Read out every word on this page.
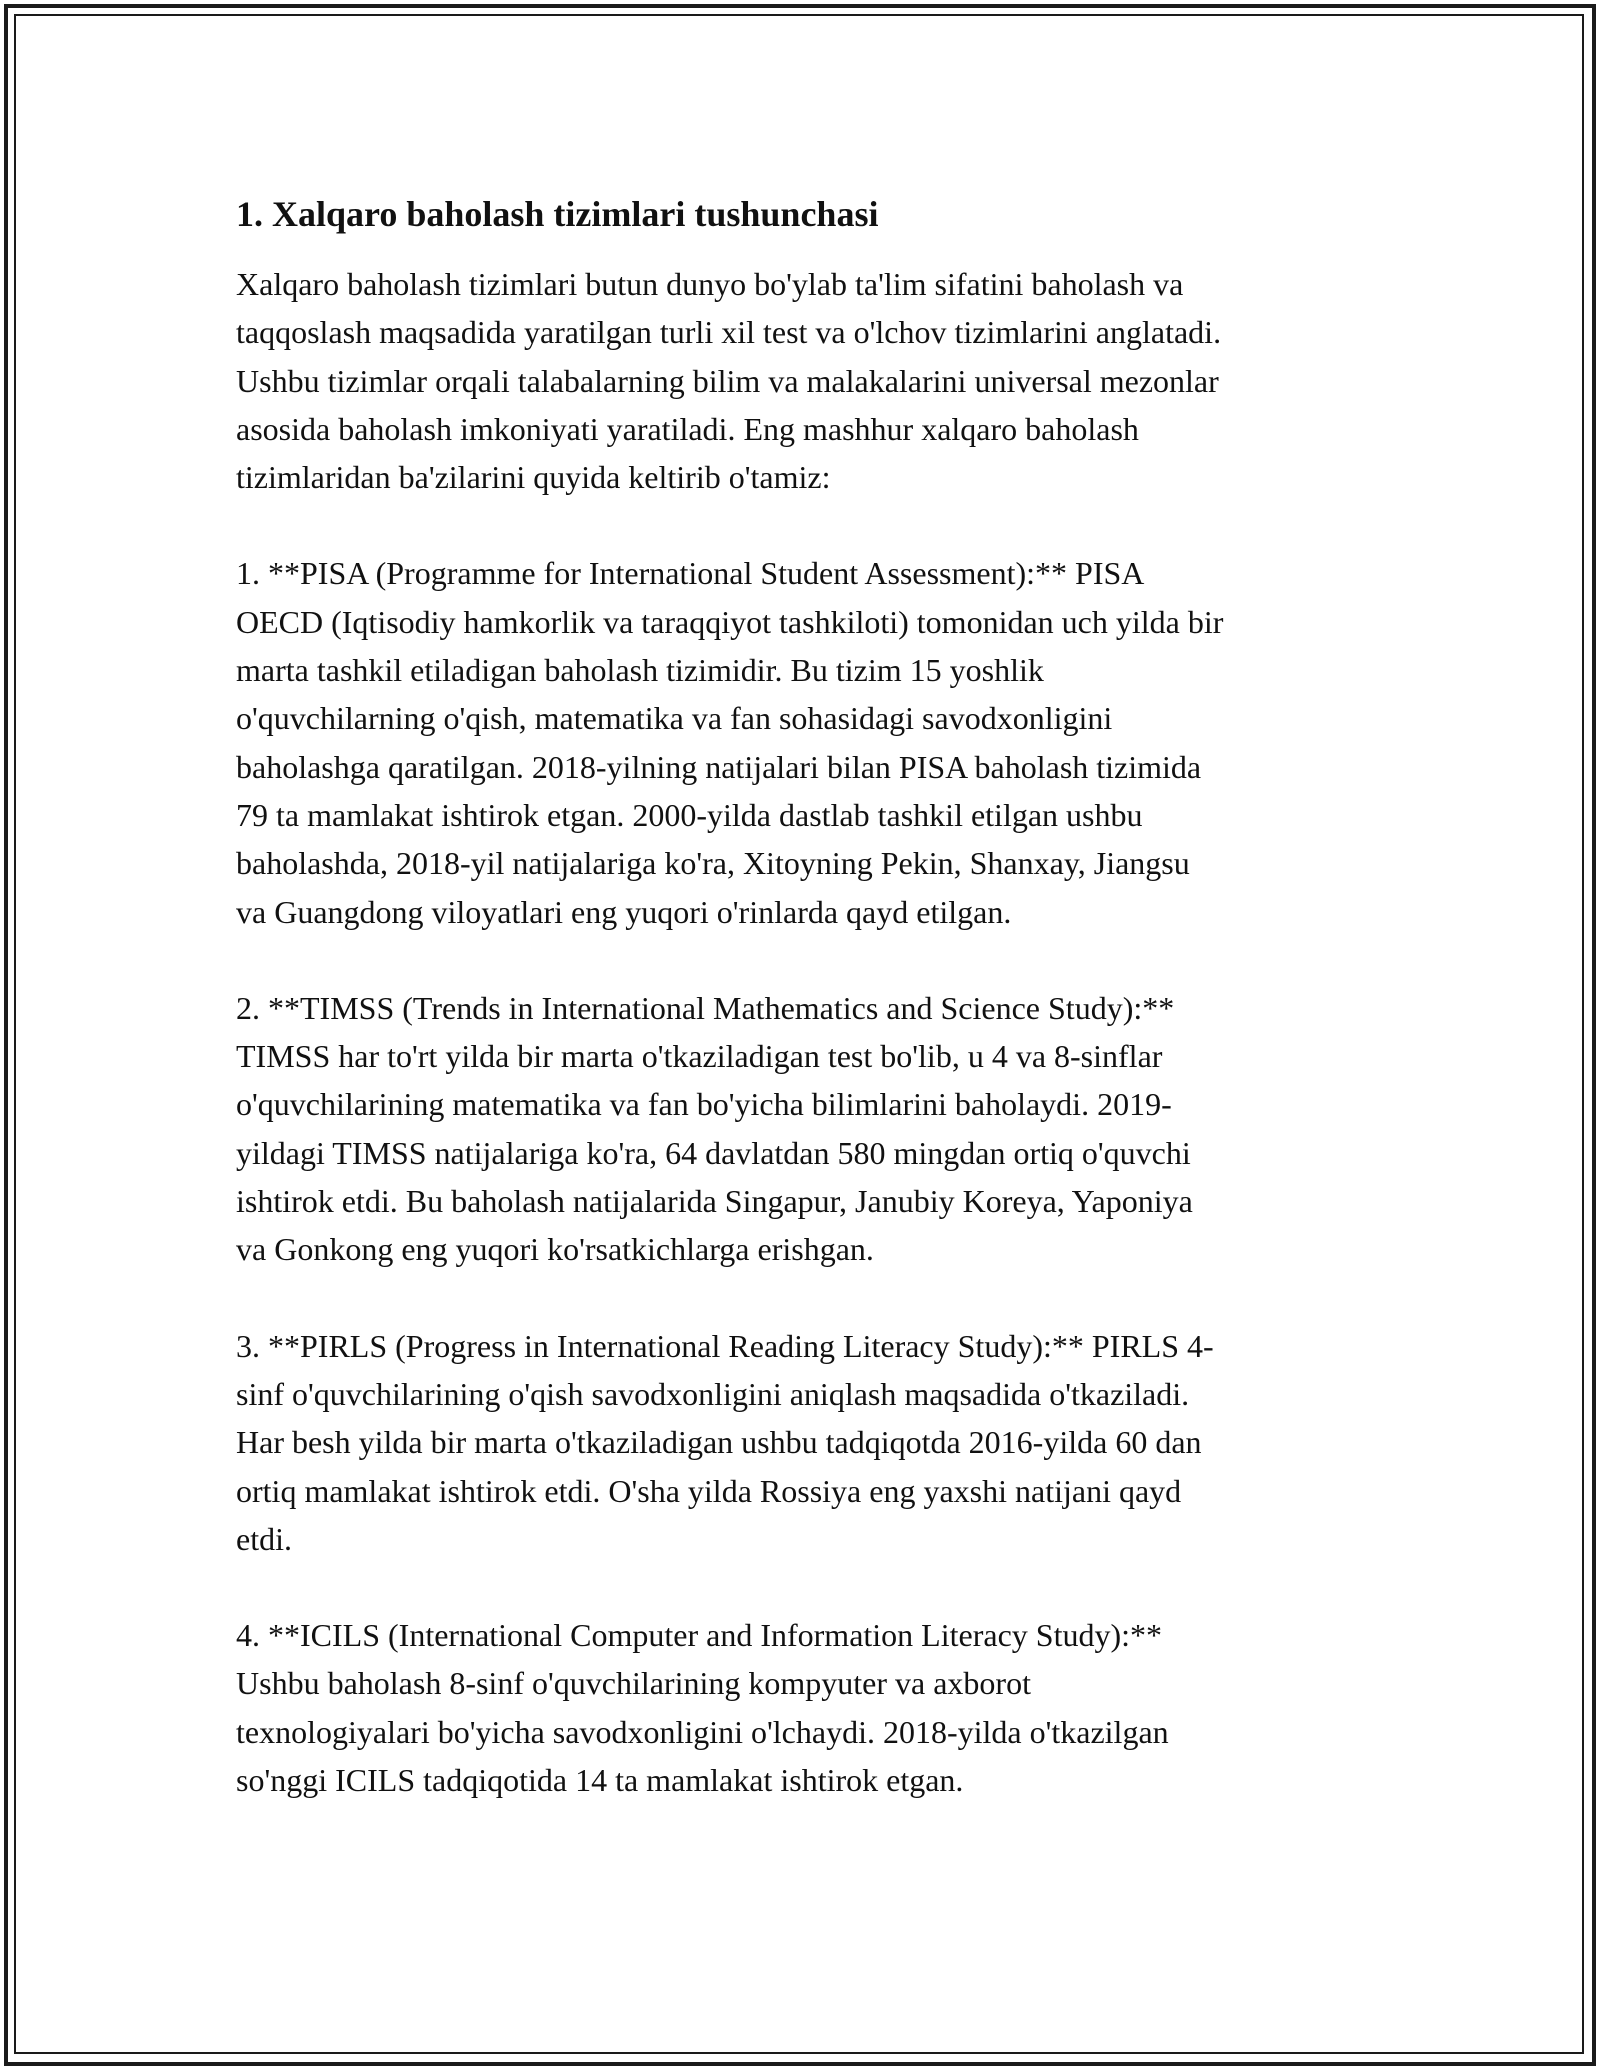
1. Xalqaro baholash tizimlari tushunchasi

Xalqaro baholash tizimlari butun dunyo bo'ylab ta'lim sifatini baholash va
taqqoslash maqsadida yaratilgan turli xil test va o'lchov tizimlarini anglatadi.
Ushbu tizimlar orqali talabalarning bilim va malakalarini universal mezonlar
asosida baholash imkoniyati yaratiladi. Eng mashhur xalqaro baholash
tizimlaridan ba'zilarini quyida keltirib o'tamiz:

1. **PISA (Programme for International Student Assessment):** PISA
OECD (Iqtisodiy hamkorlik va taraqqiyot tashkiloti) tomonidan uch yilda bir
marta tashkil etiladigan baholash tizimidir. Bu tizim 15 yoshlik
o'quvchilarning o'qish, matematika va fan sohasidagi savodxonligini
baholashga qaratilgan. 2018-yilning natijalari bilan PISA baholash tizimida
79 ta mamlakat ishtirok etgan. 2000-yilda dastlab tashkil etilgan ushbu
baholashda, 2018-yil natijalariga ko'ra, Xitoyning Pekin, Shanxay, Jiangsu
va Guangdong viloyatlari eng yuqori o'rinlarda qayd etilgan.

2. **TIMSS (Trends in International Mathematics and Science Study):**
TIMSS har to'rt yilda bir marta o'tkaziladigan test bo'lib, u 4 va 8-sinflar
o'quvchilarining matematika va fan bo'yicha bilimlarini baholaydi. 2019-
yildagi TIMSS natijalariga ko'ra, 64 davlatdan 580 mingdan ortiq o'quvchi
ishtirok etdi. Bu baholash natijalarida Singapur, Janubiy Koreya, Yaponiya
va Gonkong eng yuqori ko'rsatkichlarga erishgan.

3. **PIRLS (Progress in International Reading Literacy Study):** PIRLS 4-
sinf o'quvchilarining o'qish savodxonligini aniqlash maqsadida o'tkaziladi.
Har besh yilda bir marta o'tkaziladigan ushbu tadqiqotda 2016-yilda 60 dan
ortiq mamlakat ishtirok etdi. O'sha yilda Rossiya eng yaxshi natijani qayd
etdi.

4. **ICILS (International Computer and Information Literacy Study):**
Ushbu baholash 8-sinf o'quvchilarining kompyuter va axborot
texnologiyalari bo'yicha savodxonligini o'lchaydi. 2018-yilda o'tkazilgan
so'nggi ICILS tadqiqotida 14 ta mamlakat ishtirok etgan.
